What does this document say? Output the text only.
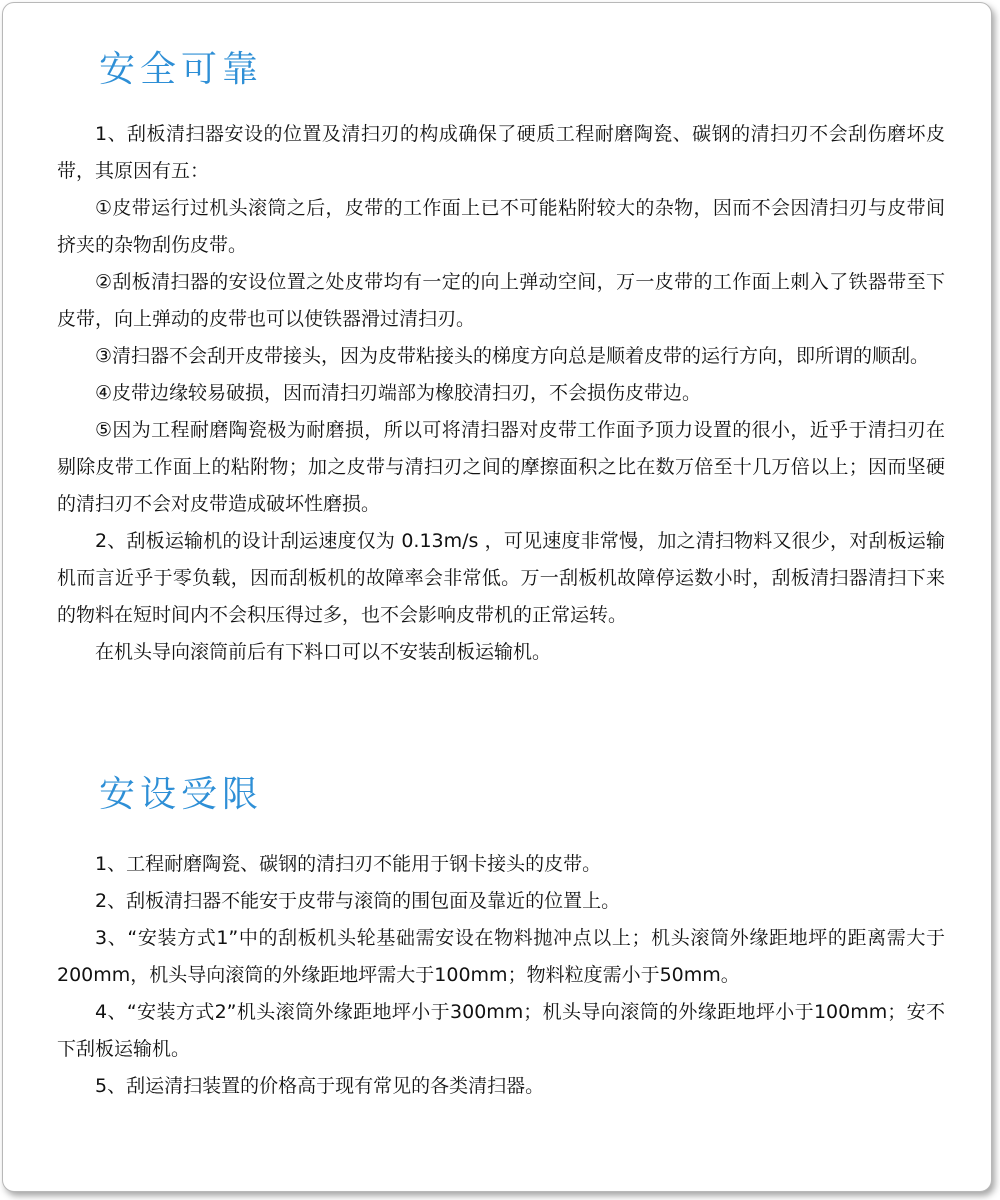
安全可靠

1、刮板清扫器安设的位置及清扫刃的构成确保了硬质工程耐磨陶瓷、碳钢的清扫刃不会刮伤磨坏皮带，其原因有五：

①皮带运行过机头滚筒之后，皮带的工作面上已不可能粘附较大的杂物，因而不会因清扫刃与皮带间挤夹的杂物刮伤皮带。

②刮板清扫器的安设位置之处皮带均有一定的向上弹动空间，万一皮带的工作面上刺入了铁器带至下皮带，向上弹动的皮带也可以使铁器滑过清扫刃。

③清扫器不会刮开皮带接头，因为皮带粘接头的梯度方向总是顺着皮带的运行方向，即所谓的顺刮。

④皮带边缘较易破损，因而清扫刃端部为橡胶清扫刃，不会损伤皮带边。

⑤因为工程耐磨陶瓷极为耐磨损，所以可将清扫器对皮带工作面予顶力设置的很小，近乎于清扫刃在剔除皮带工作面上的粘附物；加之皮带与清扫刃之间的摩擦面积之比在数万倍至十几万倍以上；因而坚硬的清扫刃不会对皮带造成破坏性磨损。

2、刮板运输机的设计刮运速度仅为 0.13m/s ，可见速度非常慢，加之清扫物料又很少，对刮板运输机而言近乎于零负载，因而刮板机的故障率会非常低。万一刮板机故障停运数小时，刮板清扫器清扫下来的物料在短时间内不会积压得过多，也不会影响皮带机的正常运转。

在机头导向滚筒前后有下料口可以不安装刮板运输机。

安设受限

1、工程耐磨陶瓷、碳钢的清扫刃不能用于钢卡接头的皮带。

2、刮板清扫器不能安于皮带与滚筒的围包面及靠近的位置上。

3、“安装方式1”中的刮板机头轮基础需安设在物料抛冲点以上；机头滚筒外缘距地坪的距离需大于200mm，机头导向滚筒的外缘距地坪需大于100mm；物料粒度需小于50mm。

4、“安装方式2”机头滚筒外缘距地坪小于300mm；机头导向滚筒的外缘距地坪小于100mm；安不下刮板运输机。

5、刮运清扫装置的价格高于现有常见的各类清扫器。
